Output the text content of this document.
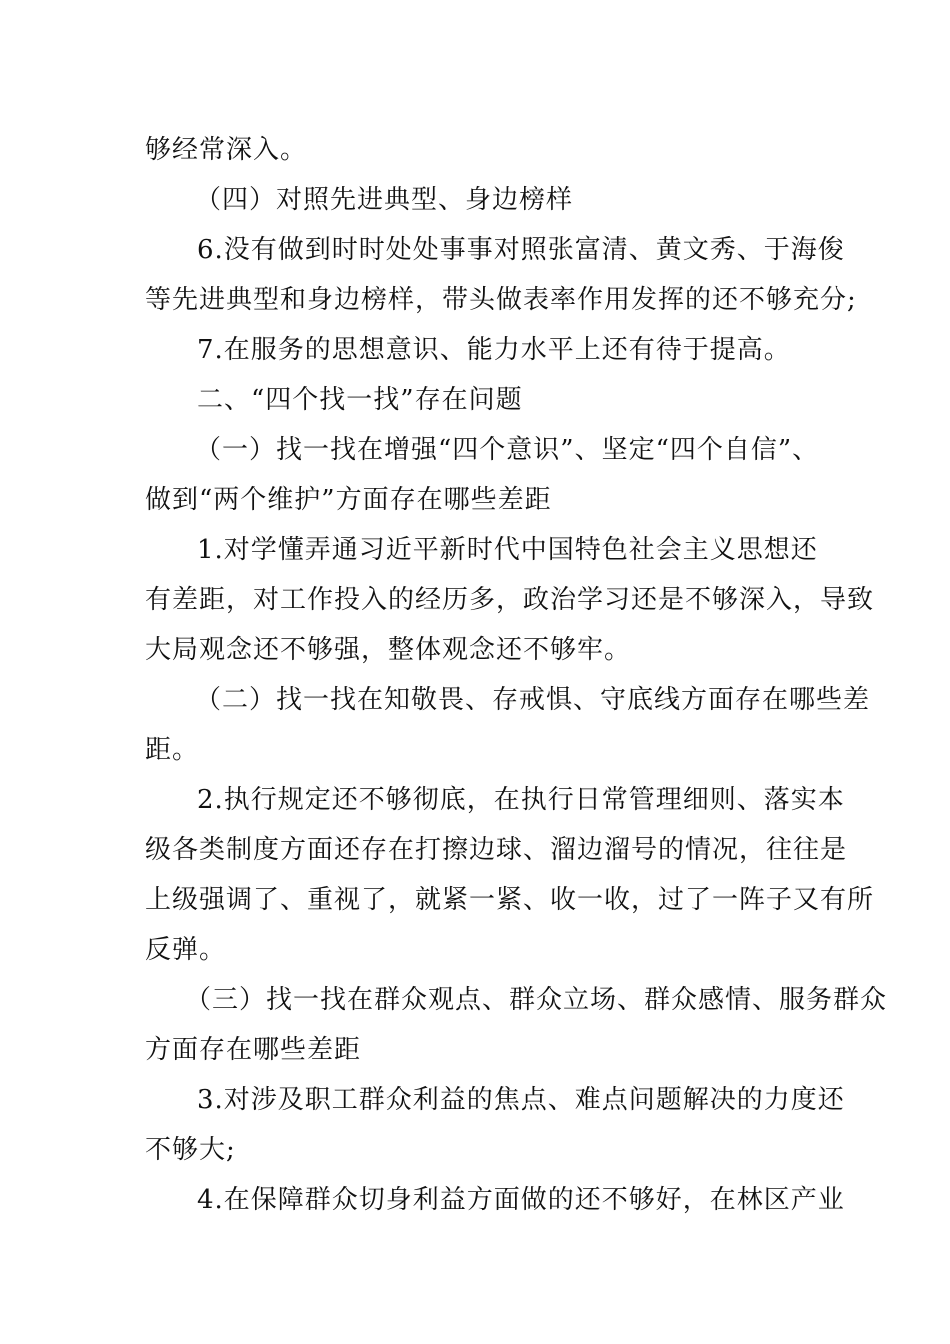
够经常深入。
（四）对照先进典型、身边榜样
6.没有做到时时处处事事对照张富清、黄文秀、于海俊
等先进典型和身边榜样，带头做表率作用发挥的还不够充分;
7.在服务的思想意识、能力水平上还有待于提高。
二、“四个找一找”存在问题
（一）找一找在增强“四个意识”、坚定“四个自信”、
做到“两个维护”方面存在哪些差距
1.对学懂弄通习近平新时代中国特色社会主义思想还
有差距，对工作投入的经历多，政治学习还是不够深入，导致
大局观念还不够强，整体观念还不够牢。
（二）找一找在知敬畏、存戒惧、守底线方面存在哪些差
距。
2.执行规定还不够彻底，在执行日常管理细则、落实本
级各类制度方面还存在打擦边球、溜边溜号的情况，往往是
上级强调了、重视了，就紧一紧、收一收，过了一阵子又有所
反弹。
（三）找一找在群众观点、群众立场、群众感情、服务群众
方面存在哪些差距
3.对涉及职工群众利益的焦点、难点问题解决的力度还
不够大;
4.在保障群众切身利益方面做的还不够好，在林区产业
